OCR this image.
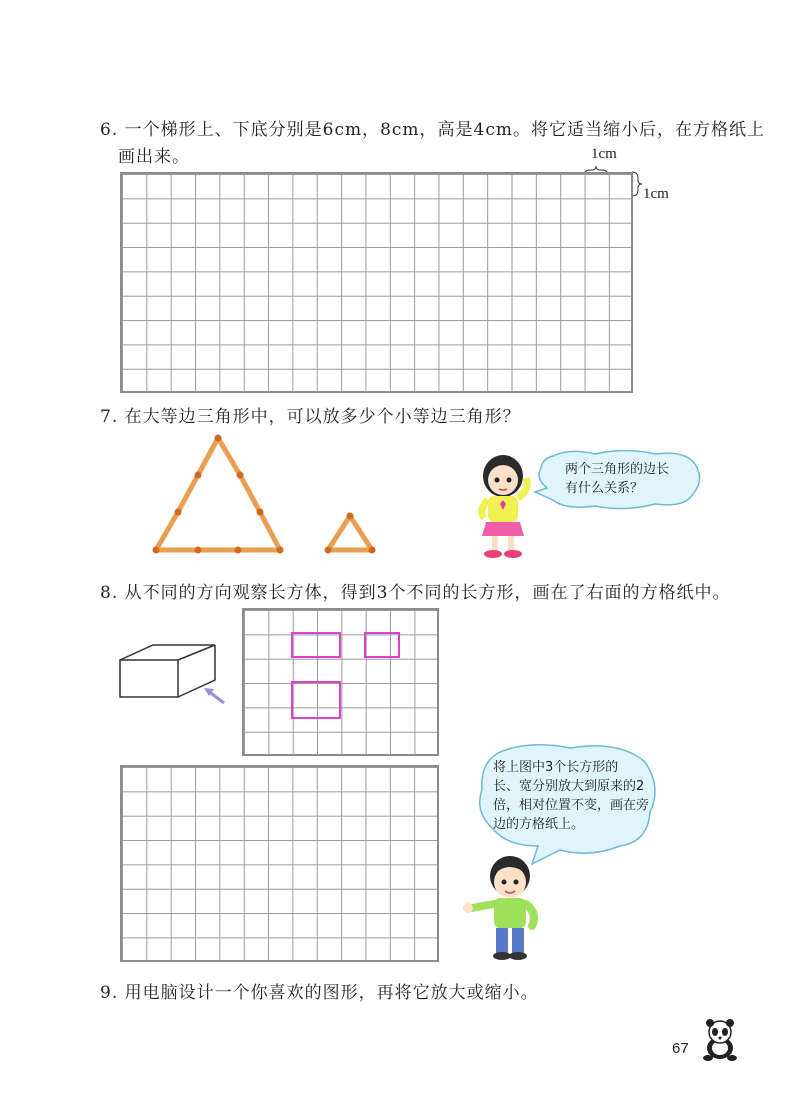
6. 一个梯形上、下底分别是6cm，8cm，高是4cm。将它适当缩小后，在方格纸上
画出来。	1cm
1cm
7. 在大等边三角形中，可以放多少个小等边三角形？
两个三角形的边长
有什么关系？
8. 从不同的方向观察长方体，得到3个不同的长方形，画在了右面的方格纸中。
将上图中3个长方形的
长、宽分别放大到原来的2
倍，相对位置不变，画在旁
边的方格纸上。
9. 用电脑设计一个你喜欢的图形，再将它放大或缩小。
67
